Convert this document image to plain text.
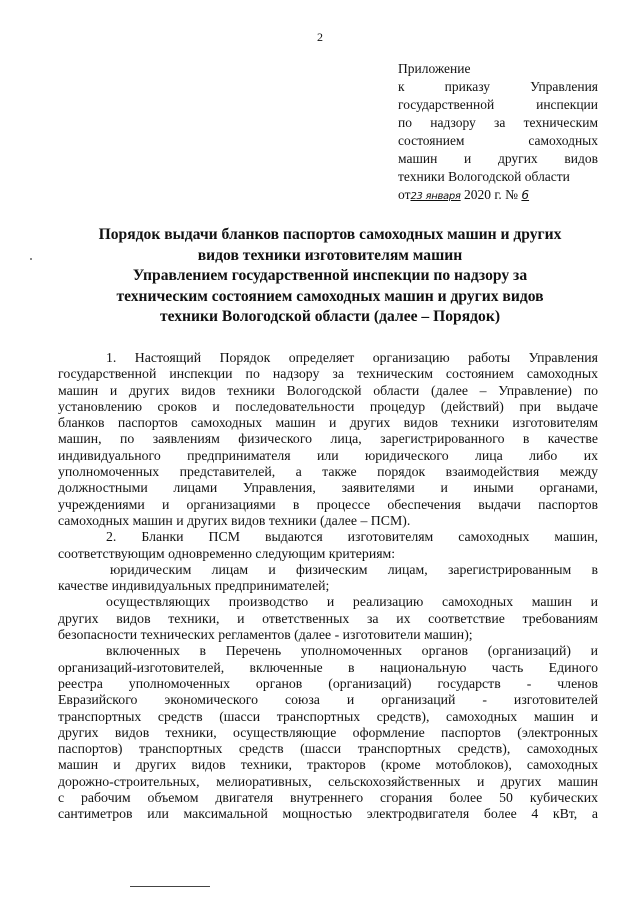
2
Приложение
к приказу Управления
государственной инспекции
по надзору за техническим
состоянием самоходных
машин и других видов
техники Вологодской области
от23 января 2020 г. № 6
Порядок выдачи бланков паспортов самоходных машин и других
видов техники изготовителям машин
Управлением государственной инспекции по надзору за
техническим состоянием самоходных машин и других видов
техники Вологодской области (далее – Порядок)
1. Настоящий Порядок определяет организацию работы Управления
государственной инспекции по надзору за техническим состоянием самоходных
машин и других видов техники Вологодской области (далее – Управление) по
установлению сроков и последовательности процедур (действий) при выдаче
бланков паспортов самоходных машин и других видов техники изготовителям
машин, по заявлениям физического лица, зарегистрированного в качестве
индивидуального предпринимателя или юридического лица либо их
уполномоченных представителей, а также порядок взаимодействия между
должностными лицами Управления, заявителями и иными органами,
учреждениями и организациями в процессе обеспечения выдачи паспортов
самоходных машин и других видов техники (далее – ПСМ).
2. Бланки ПСМ выдаются изготовителям самоходных машин,
соответствующим одновременно следующим критериям:
юридическим лицам и физическим лицам, зарегистрированным в
качестве индивидуальных предпринимателей;
осуществляющих производство и реализацию самоходных машин и
других видов техники, и ответственных за их соответствие требованиям
безопасности технических регламентов (далее - изготовители машин);
включенных в Перечень уполномоченных органов (организаций) и
организаций-изготовителей, включенные в национальную часть Единого
реестра уполномоченных органов (организаций) государств - членов
Евразийского экономического союза и организаций - изготовителей
транспортных средств (шасси транспортных средств), самоходных машин и
других видов техники, осуществляющие оформление паспортов (электронных
паспортов) транспортных средств (шасси транспортных средств), самоходных
машин и других видов техники, тракторов (кроме мотоблоков), самоходных
дорожно-строительных, мелиоративных, сельскохозяйственных и других машин
с рабочим объемом двигателя внутреннего сгорания более 50 кубических
сантиметров или максимальной мощностью электродвигателя более 4 кВт, а
